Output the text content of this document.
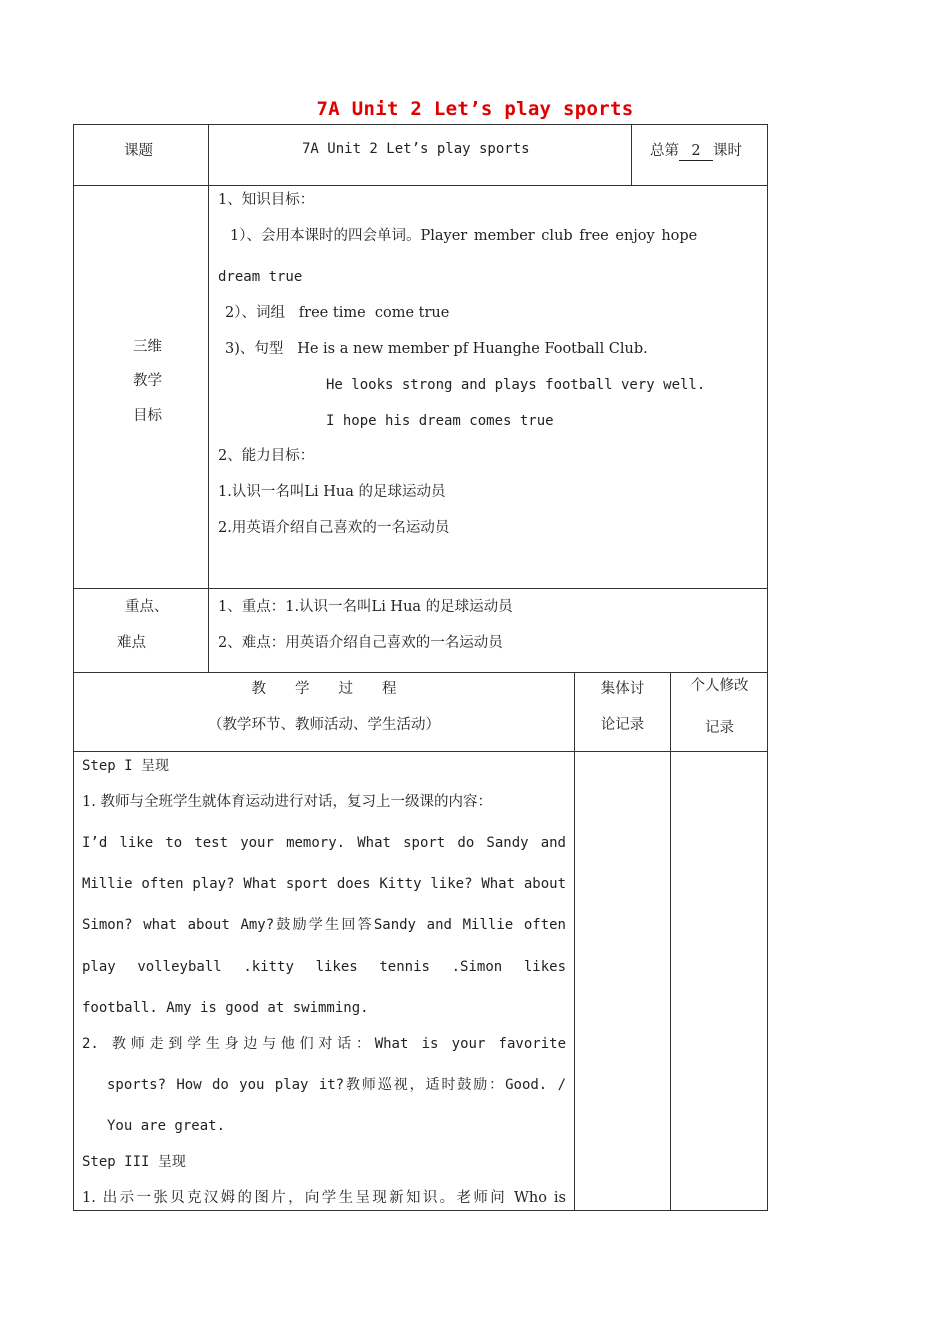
7A Unit 2 Let’s play sports
课题	7A Unit 2 Let’s play sports	总第 2 课时
三维
教学
目标
1、知识目标：
1）、会用本课时的四会单词。Player member club free enjoy hope
dream true
2）、词组   free time  come true
3)、句型   He is a new member pf Huanghe Football Club.
He looks strong and plays football very well.
I hope his dream comes true
2、能力目标：
1.认识一名叫Li Hua 的足球运动员
2.用英语介绍自己喜欢的一名运动员
重点、
难点
1、重点：1.认识一名叫Li Hua 的足球运动员
2、难点：用英语介绍自己喜欢的一名运动员
教　　学　　过　　程
（教学环节、教师活动、学生活动）
集体讨
论记录
个人修改
记录
Step I 呈现
1. 教师与全班学生就体育运动进行对话，复习上一级课的内容：
I’d like to test your memory. What sport do Sandy and
Millie often play? What sport does Kitty like? What about
Simon? what about Amy?鼓励学生回答Sandy and Millie often
play volleyball .kitty likes tennis .Simon likes
football. Amy is good at swimming.
2. 教师走到学生身边与他们对话：What is your favorite
sports? How do you play it?教师巡视，适时鼓励：Good. /
You are great.
Step III 呈现
1. 出示一张贝克汉姆的图片，向学生呈现新知识。老师问 Who is
